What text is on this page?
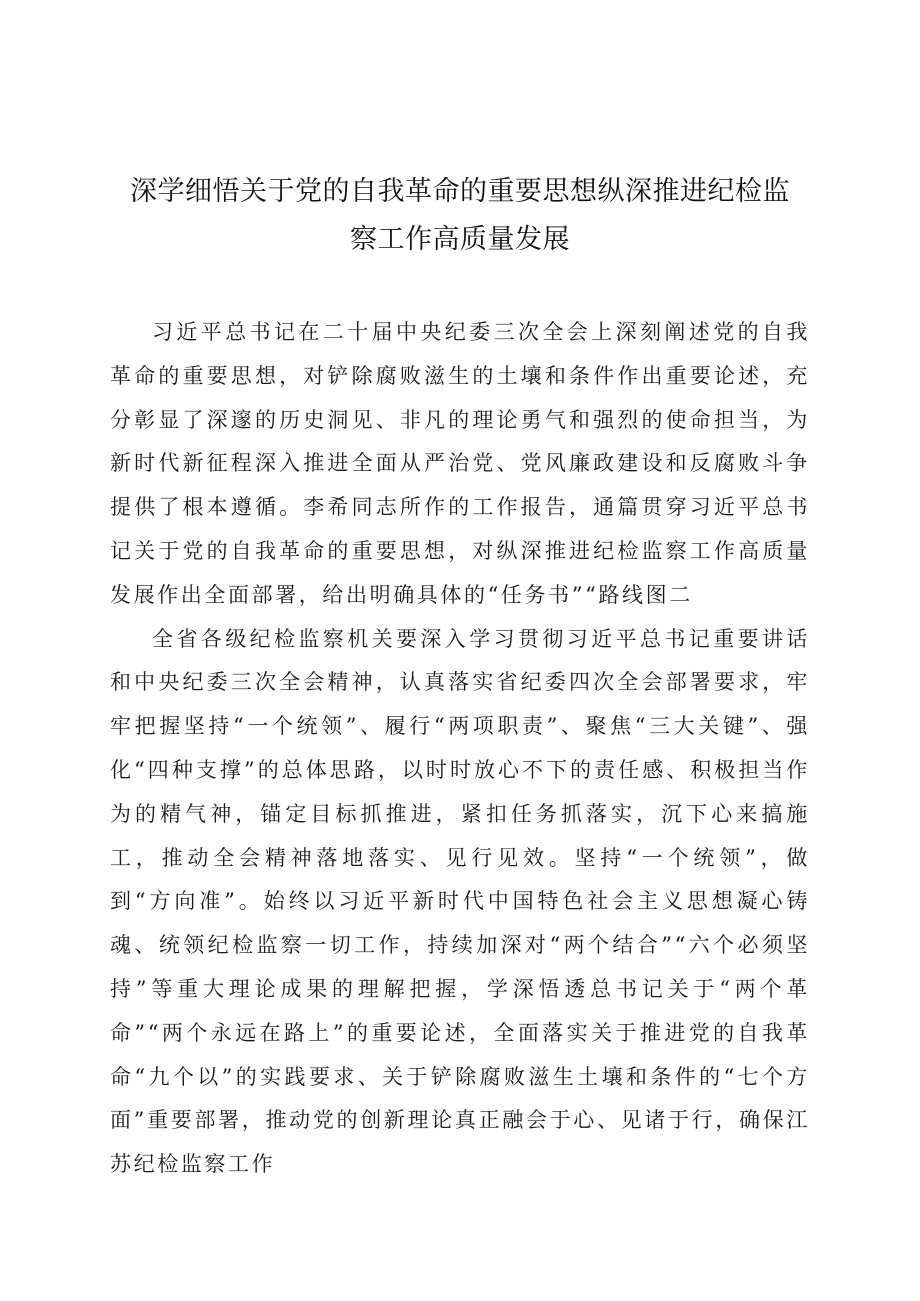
深学细悟关于党的自我革命的重要思想纵深推进纪检监
察工作高质量发展

习近平总书记在二十届中央纪委三次全会上深刻阐述党的自我革命的重要思想，对铲除腐败滋生的土壤和条件作出重要论述，充分彰显了深邃的历史洞见、非凡的理论勇气和强烈的使命担当，为新时代新征程深入推进全面从严治党、党风廉政建设和反腐败斗争提供了根本遵循。李希同志所作的工作报告，通篇贯穿习近平总书记关于党的自我革命的重要思想，对纵深推进纪检监察工作高质量发展作出全面部署，给出明确具体的“任务书”“路线图二

全省各级纪检监察机关要深入学习贯彻习近平总书记重要讲话和中央纪委三次全会精神，认真落实省纪委四次全会部署要求，牢牢把握坚持“一个统领”、履行“两项职责”、聚焦“三大关键”、强化“四种支撑”的总体思路，以时时放心不下的责任感、积极担当作为的精气神，锚定目标抓推进，紧扣任务抓落实，沉下心来搞施工，推动全会精神落地落实、见行见效。坚持“一个统领”，做到“方向准”。始终以习近平新时代中国特色社会主义思想凝心铸魂、统领纪检监察一切工作，持续加深对“两个结合”“六个必须坚持”等重大理论成果的理解把握，学深悟透总书记关于“两个革命”“两个永远在路上”的重要论述，全面落实关于推进党的自我革命“九个以”的实践要求、关于铲除腐败滋生土壤和条件的“七个方面”重要部署，推动党的创新理论真正融会于心、见诸于行，确保江苏纪检监察工作
